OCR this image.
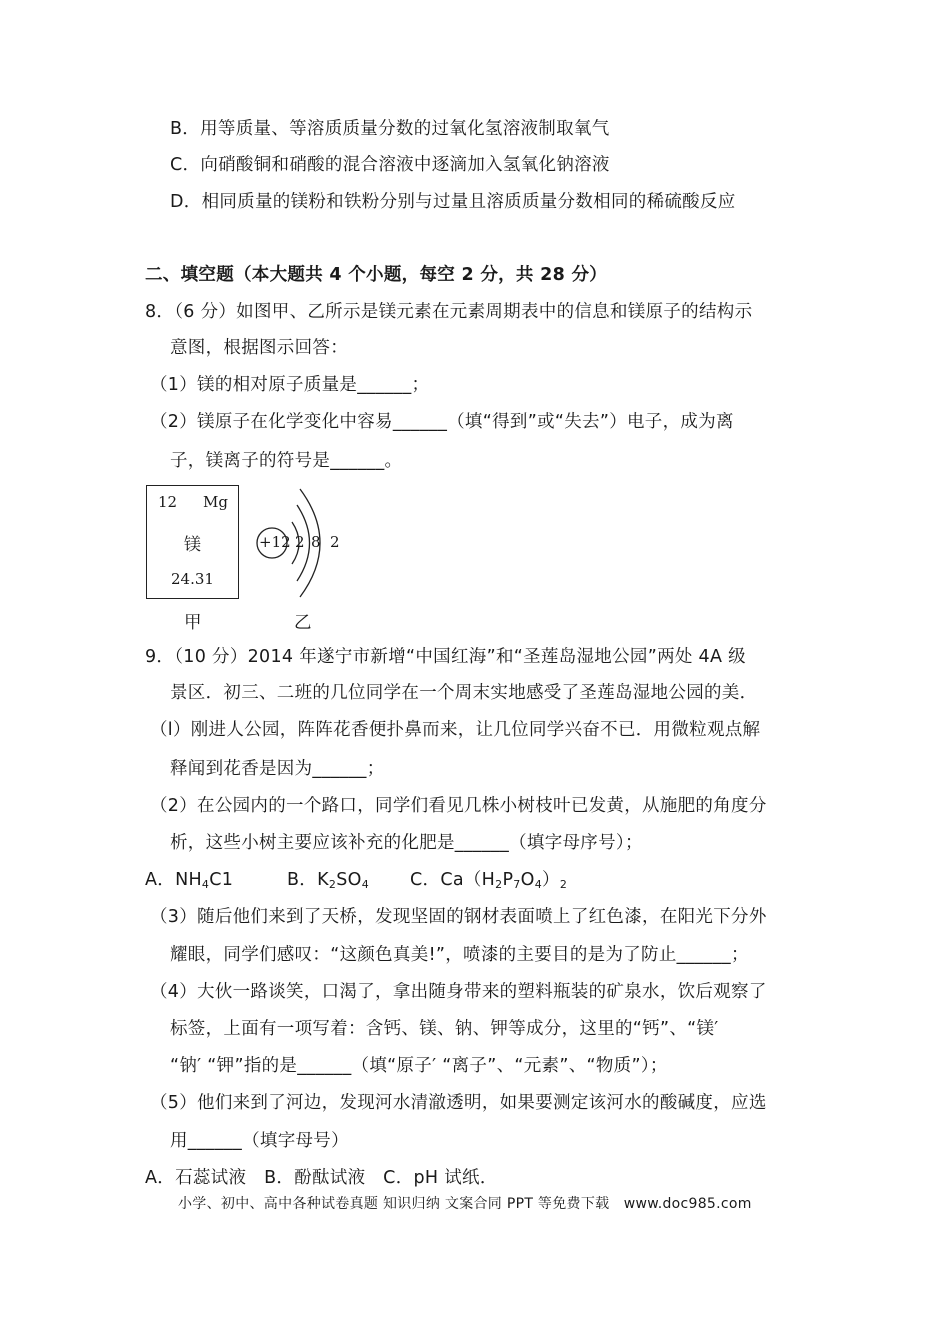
B．用等质量、等溶质质量分数的过氧化氢溶液制取氧气
C．向硝酸铜和硝酸的混合溶液中逐滴加入氢氧化钠溶液
D．相同质量的镁粉和铁粉分别与过量且溶质质量分数相同的稀硫酸反应
二、填空题（本大题共 4 个小题，每空 2 分，共 28 分）
8．（6 分）如图甲、乙所示是镁元素在元素周期表中的信息和镁原子的结构示
意图，根据图示回答：
（1）镁的相对原子质量是______；
（2）镁原子在化学变化中容易______（填“得到”或“失去”）电子，成为离
子，镁离子的符号是______。
12 Mg
镁
24.31
甲
+12 2 8 2
乙
9．（10 分）2014 年遂宁市新增“中国红海”和“圣莲岛湿地公园”两处 4A 级
景区．初三、二班的几位同学在一个周末实地感受了圣莲岛湿地公园的美．
（l）刚进人公园，阵阵花香便扑鼻而来，让几位同学兴奋不已．用微粒观点解
释闻到花香是因为______；
（2）在公园内的一个路口，同学们看见几株小树枝叶已发黄，从施肥的角度分
析，这些小树主要应该补充的化肥是______（填字母序号）；
A．$NH_4C1$	B．$K_2SO_4$ C．$Ca(H_2P_7O_4)_2$
（3）随后他们来到了天桥，发现坚固的钢材表面喷上了红色漆，在阳光下分外
耀眼，同学们感叹：“这颜色真美!”，喷漆的主要目的是为了防止______；
（4）大伙一路谈笑，口渴了，拿出随身带来的塑料瓶装的矿泉水，饮后观察了
标签，上面有一项写着：含钙、镁、钠、钾等成分，这里的“钙”、“镁′
“钠′ “钾”指的是______（填“原子′ “离子”、“元素”、“物质”）；
（5）他们来到了河边，发现河水清澈透明，如果要测定该河水的酸碱度，应选
用______（填字母号）
A．石蕊试液　B．酚酞试液　C．pH 试纸．
小学、初中、高中各种试卷真题 知识归纳 文案合同 PPT 等免费下载　www.doc985.com
